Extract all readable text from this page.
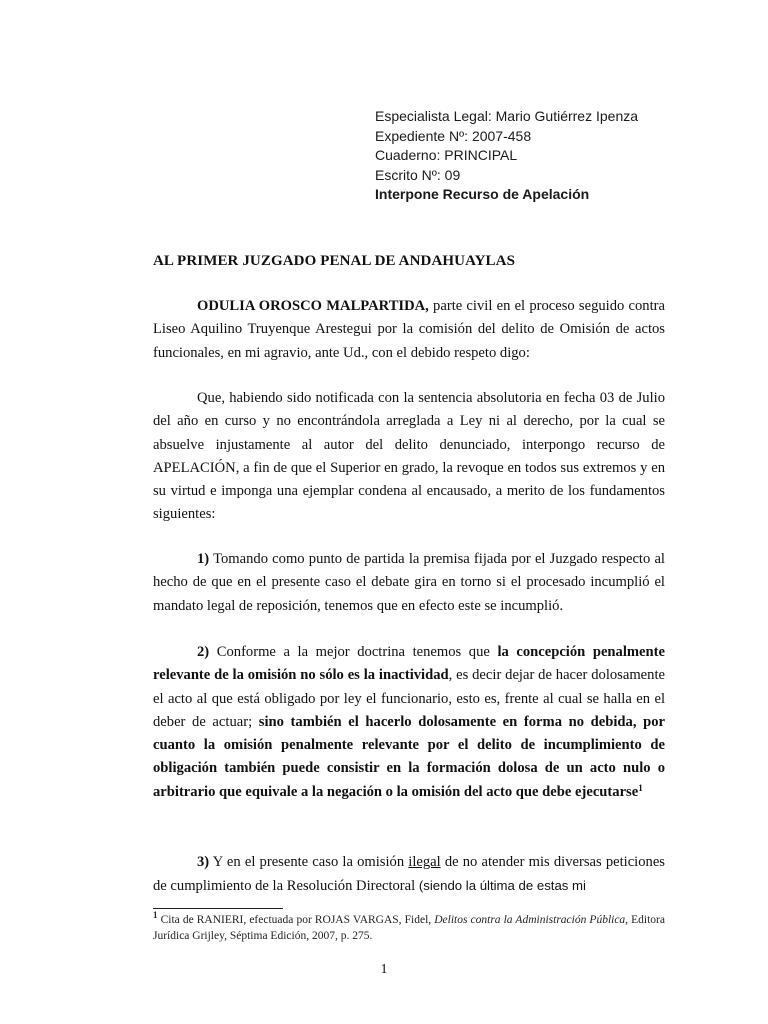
Especialista Legal: Mario Gutiérrez Ipenza
Expediente Nº: 2007-458
Cuaderno: PRINCIPAL
Escrito Nº: 09
Interpone Recurso de Apelación
AL PRIMER JUZGADO PENAL DE ANDAHUAYLAS

ODULIA OROSCO MALPARTIDA, parte civil en el proceso seguido contra Liseo Aquilino Truyenque Arestegui por la comisión del delito de Omisión de actos funcionales, en mi agravio, ante Ud., con el debido respeto digo:

Que, habiendo sido notificada con la sentencia absolutoria en fecha 03 de Julio del año en curso y no encontrándola arreglada a Ley ni al derecho, por la cual se absuelve injustamente al autor del delito denunciado, interpongo recurso de APELACIÓN, a fin de que el Superior en grado, la revoque en todos sus extremos y en su virtud e imponga una ejemplar condena al encausado, a merito de los fundamentos siguientes:

1) Tomando como punto de partida la premisa fijada por el Juzgado respecto al hecho de que en el presente caso el debate gira en torno si el procesado incumplió el mandato legal de reposición, tenemos que en efecto este se incumplió.

2) Conforme a la mejor doctrina tenemos que la concepción penalmente relevante de la omisión no sólo es la inactividad, es decir dejar de hacer dolosamente el acto al que está obligado por ley el funcionario, esto es, frente al cual se halla en el deber de actuar; sino también el hacerlo dolosamente en forma no debida, por cuanto la omisión penalmente relevante por el delito de incumplimiento de obligación también puede consistir en la formación dolosa de un acto nulo o arbitrario que equivale a la negación o la omisión del acto que debe ejecutarse$^1$

3) Y en el presente caso la omisión ilegal de no atender mis diversas peticiones de cumplimiento de la Resolución Directoral (siendo la última de estas mi

$^1$ Cita de RANIERI, efectuada por ROJAS VARGAS, Fidel, Delitos contra la Administración Pública, Editora Jurídica Grijley, Séptima Edición, 2007, p. 275.
1
